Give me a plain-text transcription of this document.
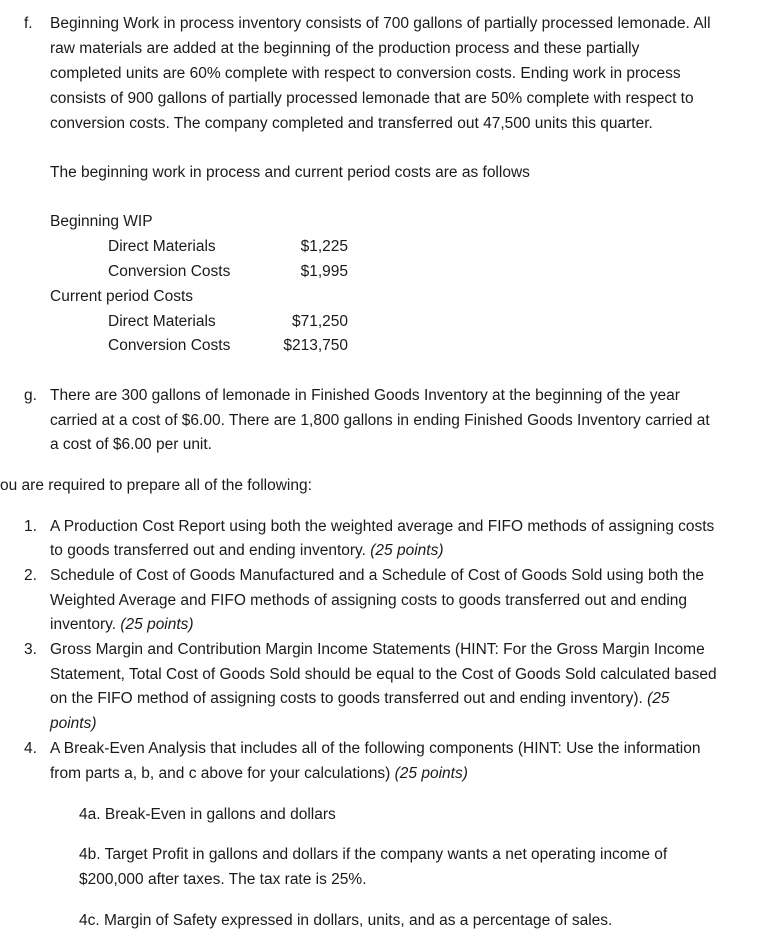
f. Beginning Work in process inventory consists of 700 gallons of partially processed lemonade. All
raw materials are added at the beginning of the production process and these partially
completed units are 60% complete with respect to conversion costs. Ending work in process
consists of 900 gallons of partially processed lemonade that are 50% complete with respect to
conversion costs. The company completed and transferred out 47,500 units this quarter.
The beginning work in process and current period costs are as follows
Beginning WIP
Direct Materials	$1,225
Conversion Costs	$1,995
Current period Costs
Direct Materials	$71,250
Conversion Costs	$213,750
g. There are 300 gallons of lemonade in Finished Goods Inventory at the beginning of the year
carried at a cost of $6.00. There are 1,800 gallons in ending Finished Goods Inventory carried at
a cost of $6.00 per unit.
ou are required to prepare all of the following:
1. A Production Cost Report using both the weighted average and FIFO methods of assigning costs
to goods transferred out and ending inventory. (25 points)
2. Schedule of Cost of Goods Manufactured and a Schedule of Cost of Goods Sold using both the
Weighted Average and FIFO methods of assigning costs to goods transferred out and ending
inventory. (25 points)
3. Gross Margin and Contribution Margin Income Statements (HINT: For the Gross Margin Income
Statement, Total Cost of Goods Sold should be equal to the Cost of Goods Sold calculated based
on the FIFO method of assigning costs to goods transferred out and ending inventory). (25
points)
4. A Break-Even Analysis that includes all of the following components (HINT: Use the information
from parts a, b, and c above for your calculations) (25 points)
4a. Break-Even in gallons and dollars
4b. Target Profit in gallons and dollars if the company wants a net operating income of
$200,000 after taxes. The tax rate is 25%.
4c. Margin of Safety expressed in dollars, units, and as a percentage of sales.
